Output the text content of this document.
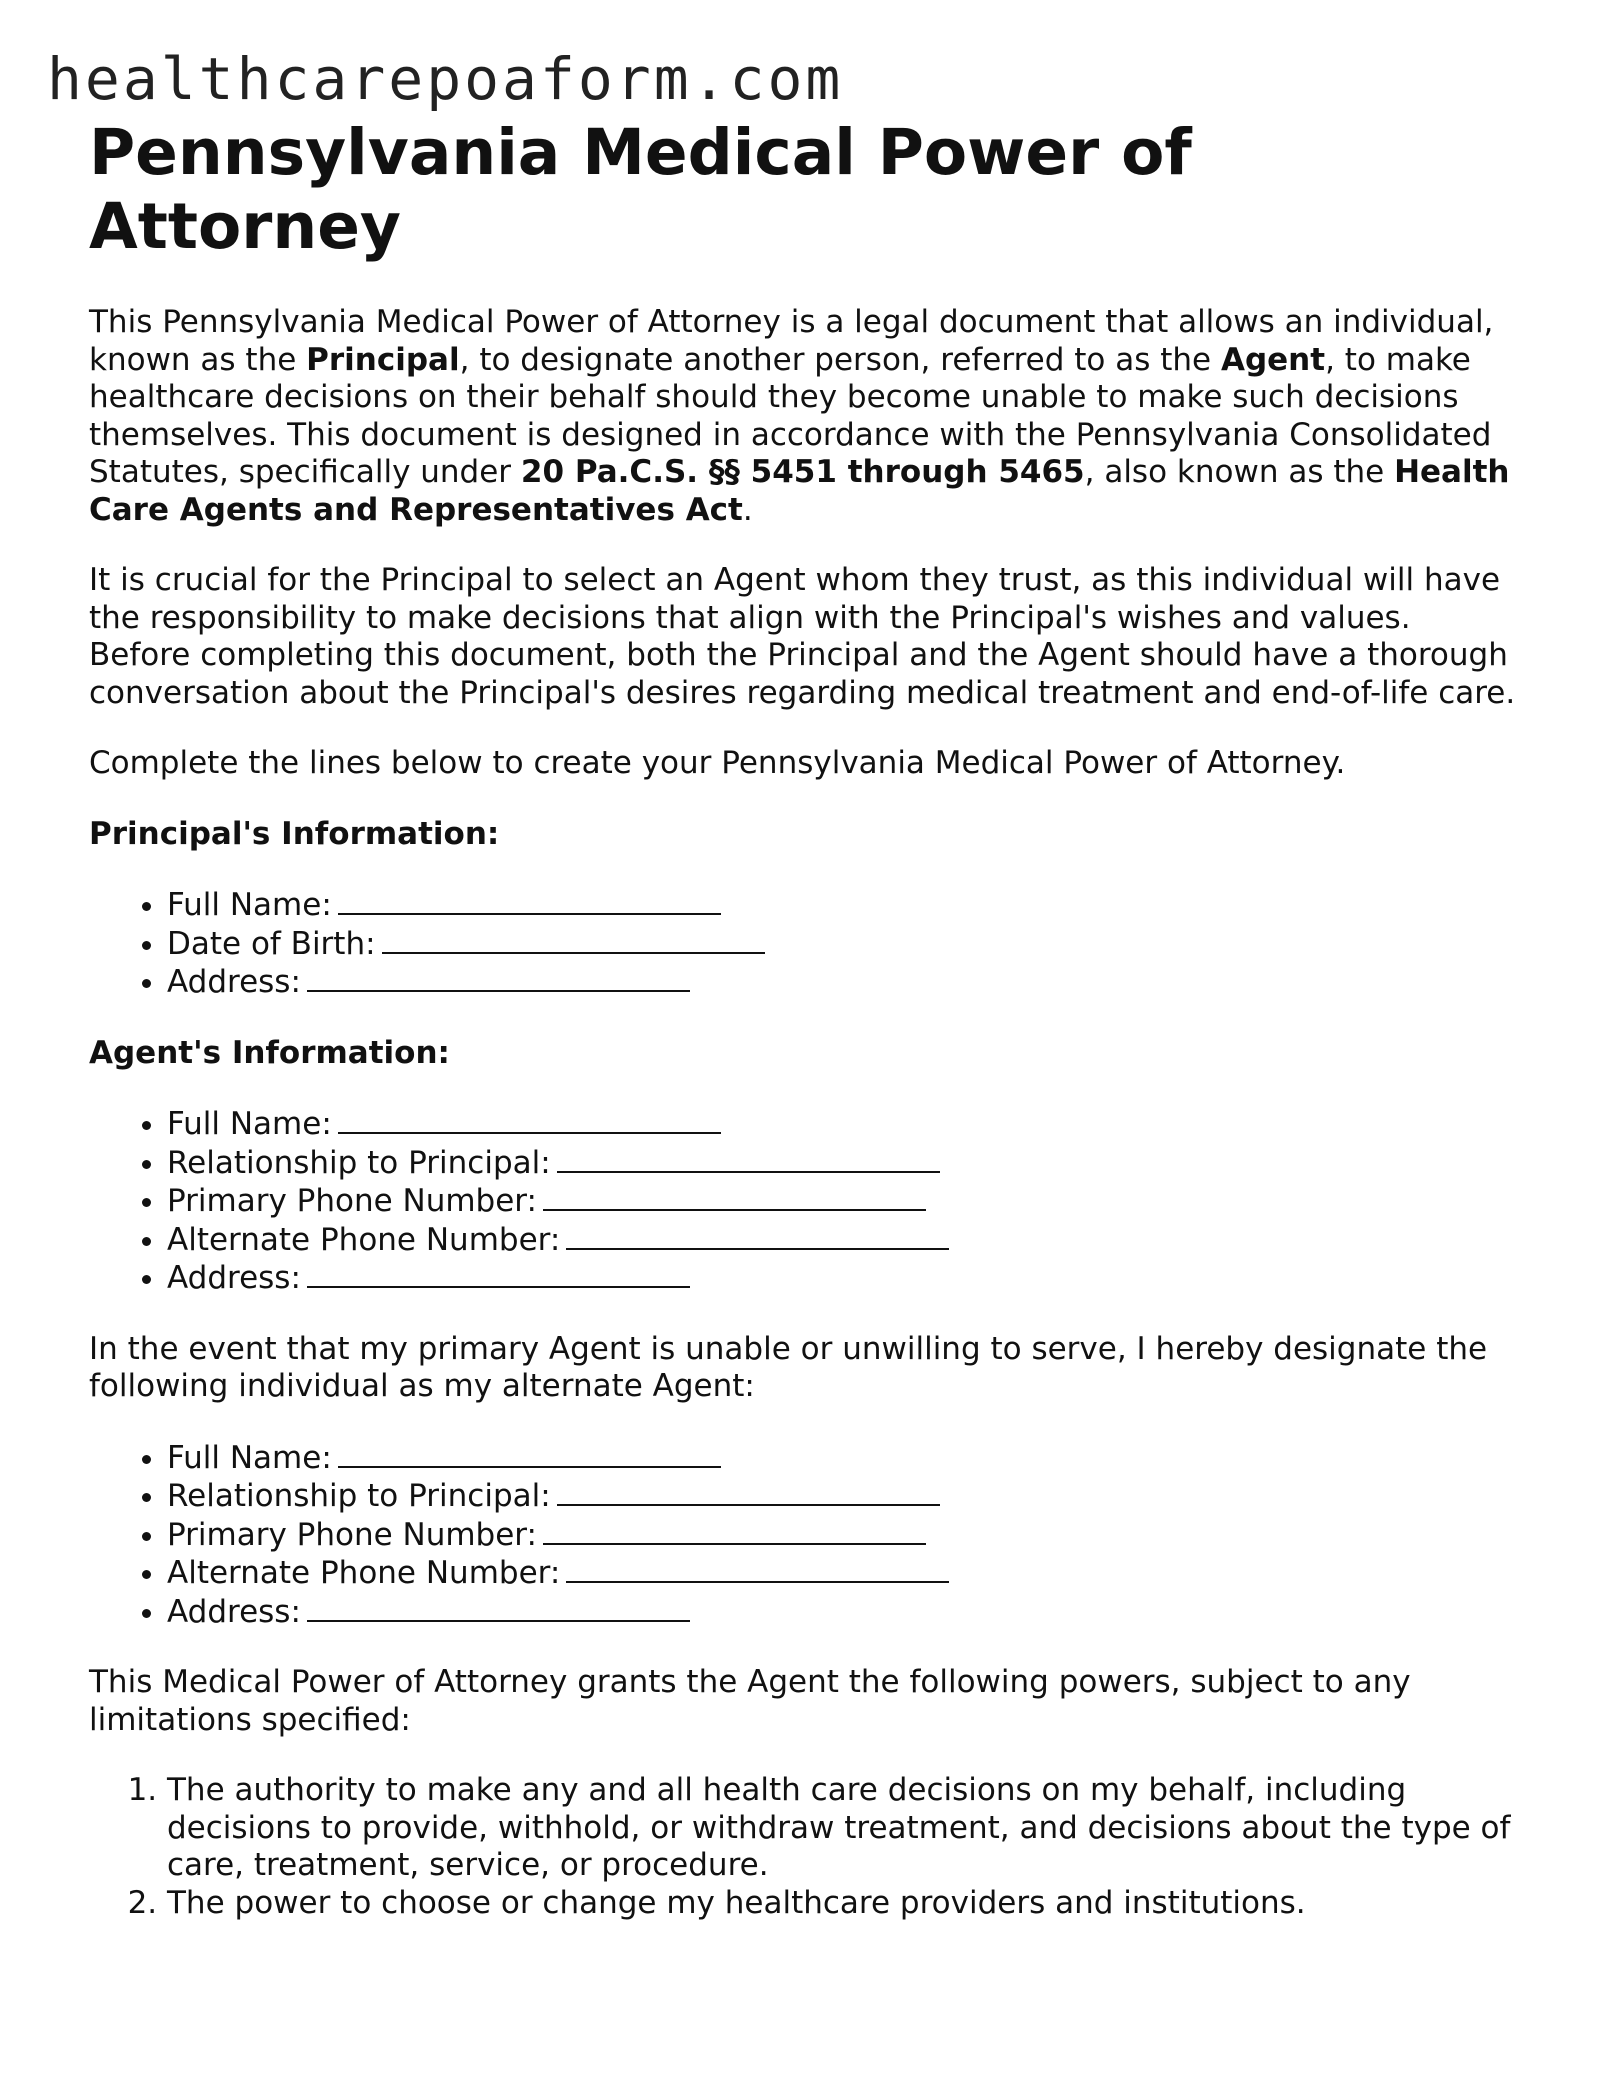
healthcarepoaform.com
Pennsylvania Medical Power of Attorney

This Pennsylvania Medical Power of Attorney is a legal document that allows an individual, known as the Principal, to designate another person, referred to as the Agent, to make healthcare decisions on their behalf should they become unable to make such decisions themselves. This document is designed in accordance with the Pennsylvania Consolidated Statutes, specifically under 20 Pa.C.S. §§ 5451 through 5465, also known as the Health Care Agents and Representatives Act.

It is crucial for the Principal to select an Agent whom they trust, as this individual will have the responsibility to make decisions that align with the Principal's wishes and values. Before completing this document, both the Principal and the Agent should have a thorough conversation about the Principal's desires regarding medical treatment and end-of-life care.

Complete the lines below to create your Pennsylvania Medical Power of Attorney.

Principal's Information:

• Full Name:
• Date of Birth:
• Address:

Agent's Information:

• Full Name:
• Relationship to Principal:
• Primary Phone Number:
• Alternate Phone Number:
• Address:

In the event that my primary Agent is unable or unwilling to serve, I hereby designate the following individual as my alternate Agent:

• Full Name:
• Relationship to Principal:
• Primary Phone Number:
• Alternate Phone Number:
• Address:

This Medical Power of Attorney grants the Agent the following powers, subject to any limitations specified:

1. The authority to make any and all health care decisions on my behalf, including decisions to provide, withhold, or withdraw treatment, and decisions about the type of care, treatment, service, or procedure.
2. The power to choose or change my healthcare providers and institutions.
